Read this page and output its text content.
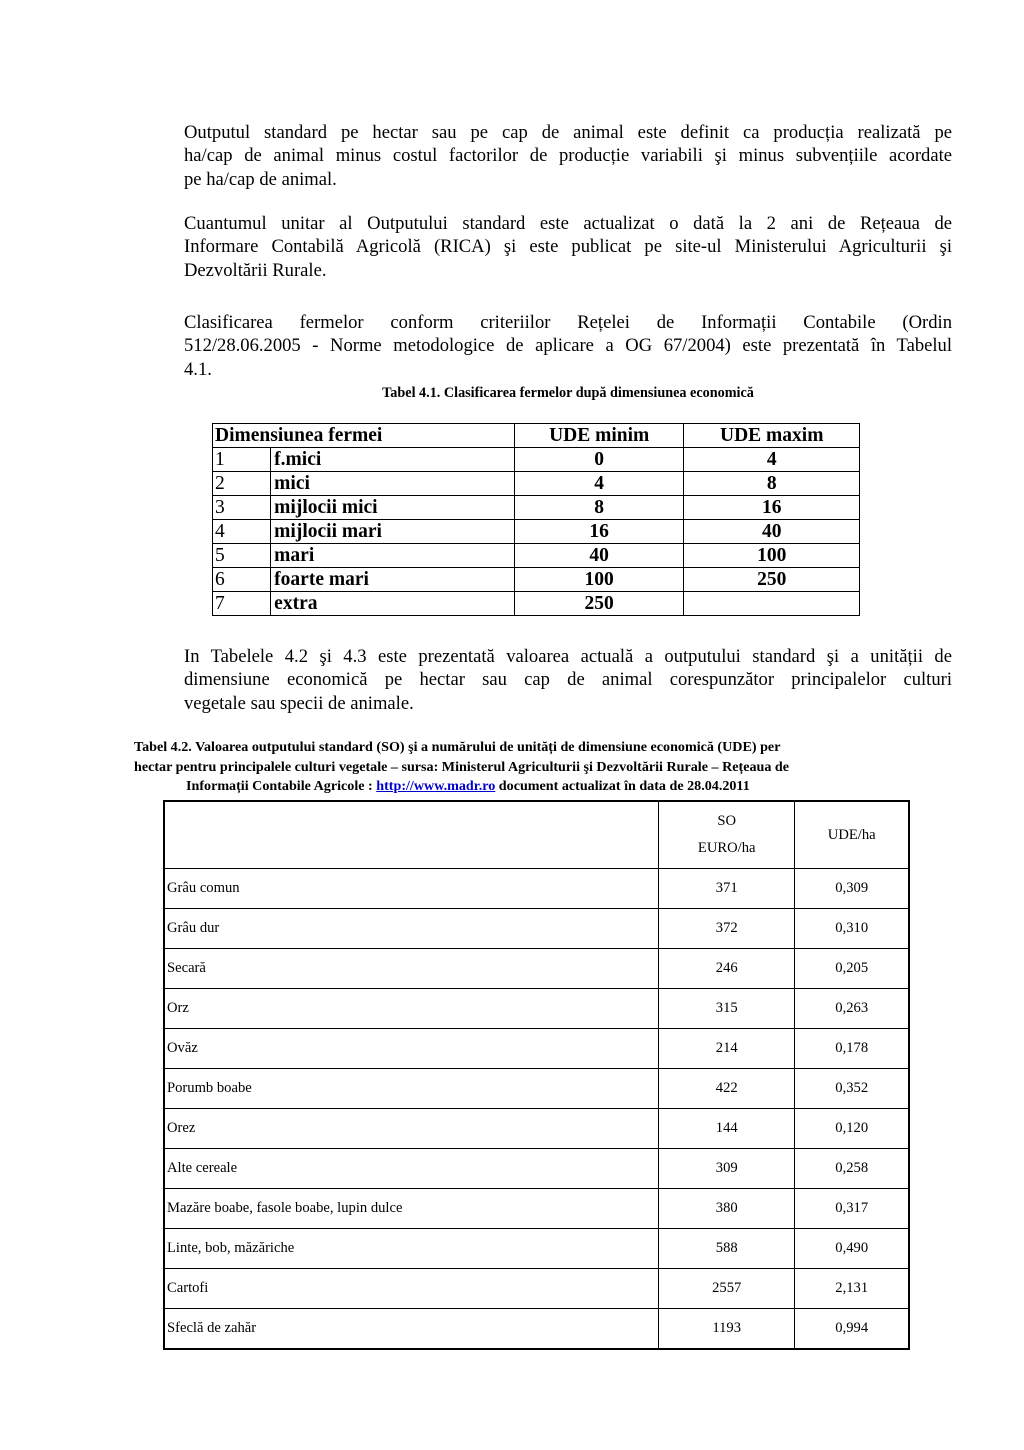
Outputul standard pe hectar sau pe cap de animal este definit ca producția realizată pe
ha/cap de animal minus costul factorilor de producție variabili şi minus subvențiile acordate
pe ha/cap de animal.

Cuantumul unitar al Outputului standard este actualizat o dată la 2 ani de Rețeaua de
Informare Contabilă Agricolă (RICA) şi este publicat pe site-ul Ministerului Agriculturii şi
Dezvoltării Rurale.

Clasificarea fermelor conform criteriilor Rețelei de Informații Contabile (Ordin
512/28.06.2005 - Norme metodologice de aplicare a OG 67/2004) este prezentată în Tabelul
4.1.

Tabel 4.1. Clasificarea fermelor după dimensiunea economică

Dimensiunea fermei		UDE minim	UDE maxim
1	f.mici	0	4
2	mici	4	8
3	mijlocii mici	8	16
4	mijlocii mari	16	40
5	mari	40	100
6	foarte mari	100	250
7	extra	250	

In Tabelele 4.2 şi 4.3 este prezentată valoarea actuală a outputului standard şi a unității de
dimensiune economică pe hectar sau cap de animal corespunzător principalelor culturi
vegetale sau specii de animale.

Tabel 4.2. Valoarea outputului standard (SO) şi a numărului de unități de dimensiune economică (UDE) per
hectar pentru principalele culturi vegetale – sursa: Ministerul Agriculturii şi Dezvoltării Rurale – Rețeaua de
Informații Contabile Agricole : http://www.madr.ro document actualizat în data de 28.04.2011

	SO
EURO/ha	UDE/ha
Grâu comun	371	0,309
Grâu dur	372	0,310
Secară	246	0,205
Orz	315	0,263
Ovăz	214	0,178
Porumb boabe	422	0,352
Orez	144	0,120
Alte cereale	309	0,258
Mazăre boabe, fasole boabe, lupin dulce	380	0,317
Linte, bob, măzăriche	588	0,490
Cartofi	2557	2,131
Sfeclă de zahăr	1193	0,994
